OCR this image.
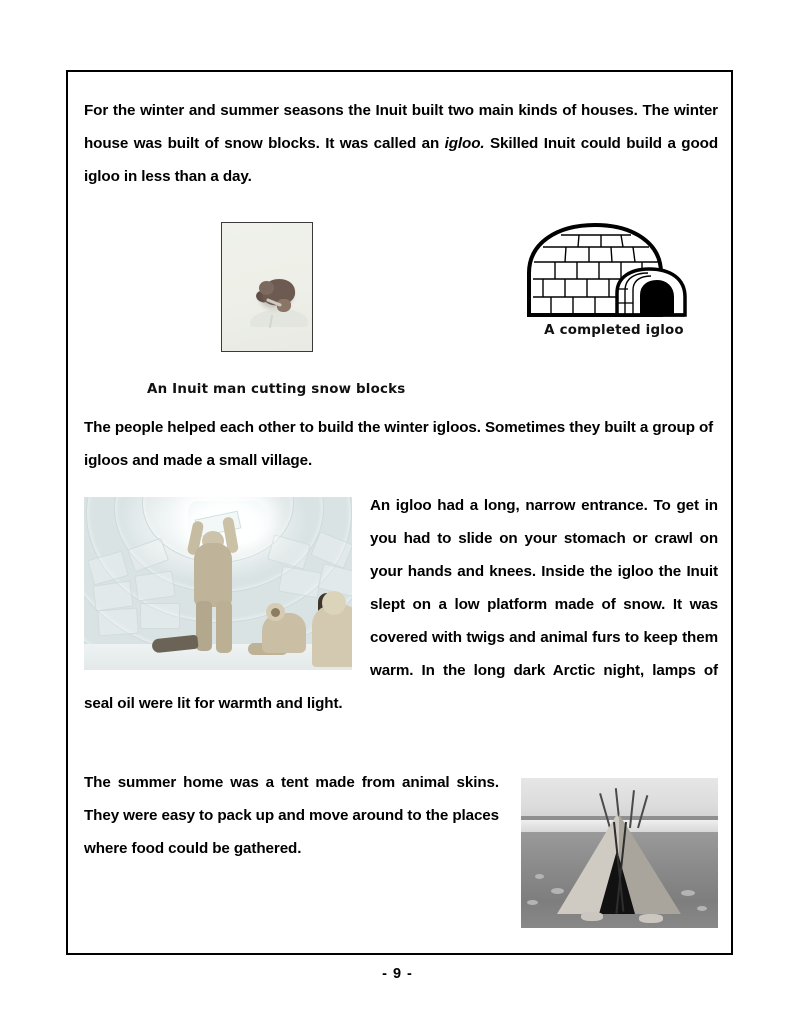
For the winter and summer seasons the Inuit built two main kinds of houses. The winter house was built of snow blocks. It was called an igloo. Skilled Inuit could build a good igloo in less than a day.

An Inuit man cutting snow blocks
A completed igloo

The people helped each other to build the winter igloos. Sometimes they built a group of igloos and made a small village.

An igloo had a long, narrow entrance. To get in you had to slide on your stomach or crawl on your hands and knees. Inside the igloo the Inuit slept on a low platform made of snow. It was covered with twigs and animal furs to keep them warm. In the long dark Arctic night, lamps of seal oil were lit for warmth and light.
The summer home was a tent made from animal skins. They were easy to pack up and move around to the places where food could be gathered.
- 9 -
